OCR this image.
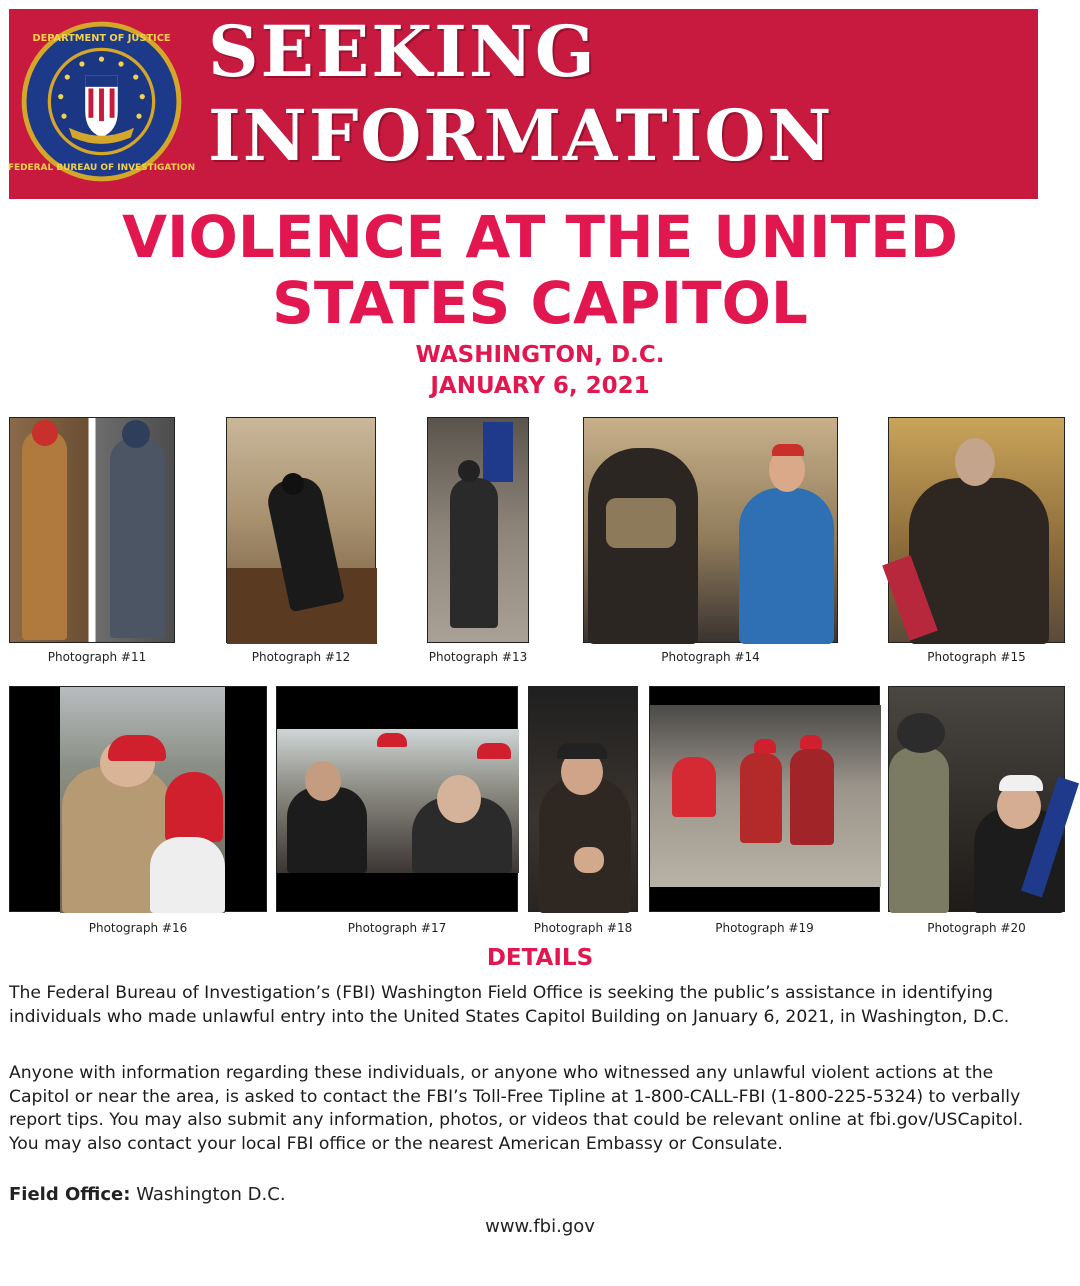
DEPARTMENT OF JUSTICE
FEDERAL BUREAU OF INVESTIGATION
SEEKING
INFORMATION
VIOLENCE AT THE UNITED
STATES CAPITOL
WASHINGTON, D.C.
JANUARY 6, 2021
Photograph #11	Photograph #12	Photograph #13	Photograph #14	Photograph #15
Photograph #16	Photograph #17	Photograph #18	Photograph #19	Photograph #20
DETAILS

The Federal Bureau of Investigation’s (FBI) Washington Field Office is seeking the public’s assistance in identifying individuals who made unlawful entry into the United States Capitol Building on January 6, 2021, in Washington, D.C.

Anyone with information regarding these individuals, or anyone who witnessed any unlawful violent actions at the Capitol or near the area, is asked to contact the FBI’s Toll-Free Tipline at 1-800-CALL-FBI (1-800-225-5324) to verbally report tips. You may also submit any information, photos, or videos that could be relevant online at fbi.gov/USCapitol. You may also contact your local FBI office or the nearest American Embassy or Consulate.

Field Office: Washington D.C.

www.fbi.gov
